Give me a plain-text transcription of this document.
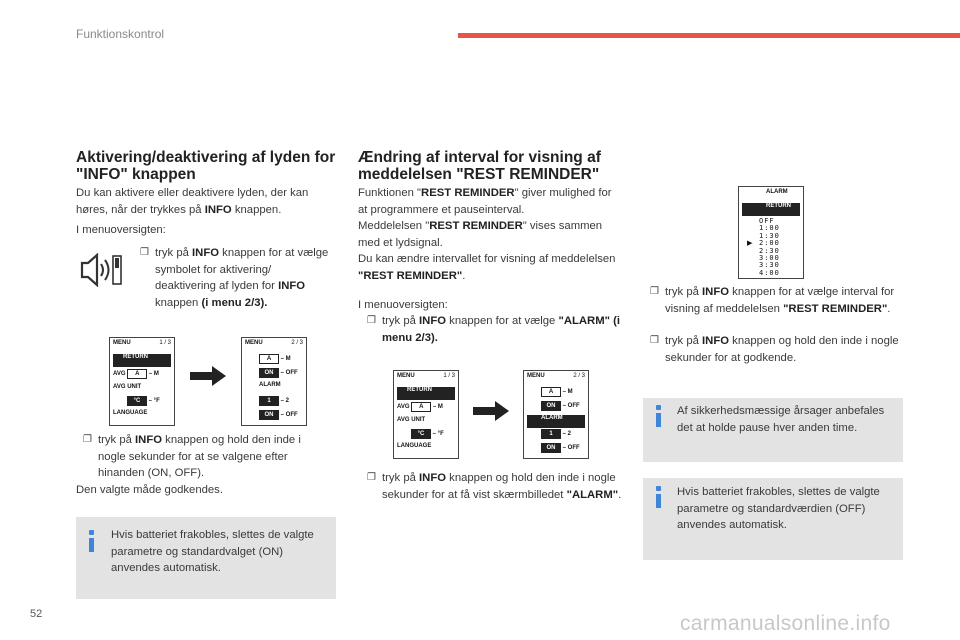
Funktionskontrol
Aktivering/deaktivering af lyden for "INFO" knappen

Du kan aktivere eller deaktivere lyden, der kan høres, når der trykkes på INFO knappen.

I menuoversigten:

❐ tryk på INFO knappen for at vælge symbolet for aktivering/ deaktivering af lyden for INFO knappen (i menu 2/3).
MENU	1 / 3
RETURN
AVG A – M
AVG UNIT
°C – °F
LANGUAGE
MENU	2 / 3
A – M
ON – OFF
ALARM
1 – 2
ON – OFF
❐ tryk på INFO knappen og hold den inde i nogle sekunder for at se valgene efter hinanden (ON, OFF).

Den valgte måde godkendes.

Hvis batteriet frakobles, slettes de valgte parametre og standardvalget (ON) anvendes automatisk.

Ændring af interval for visning af meddelelsen "REST REMINDER"

Funktionen "REST REMINDER" giver mulighed for at programmere et pauseinterval.

Meddelelsen "REST REMINDER" vises sammen med et lydsignal.

Du kan ændre intervallet for visning af meddelelsen "REST REMINDER".

I menuoversigten:

❐ tryk på INFO knappen for at vælge "ALARM" (i menu 2/3).
MENU	1 / 3
RETURN
AVG A – M
AVG UNIT
°C – °F
LANGUAGE
MENU	2 / 3
A – M
ON – OFF
ALARM
1 – 2
ON – OFF
❐ tryk på INFO knappen og hold den inde i nogle sekunder for at få vist skærmbilledet "ALARM".
ALARM
RETURN
▶
OFF
1:00
1:30
2:00
2:30
3:00
3:30
4:00
❐ tryk på INFO knappen for at vælge interval for visning af meddelelsen "REST REMINDER".
❐ tryk på INFO knappen og hold den inde i nogle sekunder for at godkende.

Af sikkerhedsmæssige årsager anbefales det at holde pause hver anden time.

Hvis batteriet frakobles, slettes de valgte parametre og standardværdien (OFF) anvendes automatisk.

52	carmanualsonline.info
